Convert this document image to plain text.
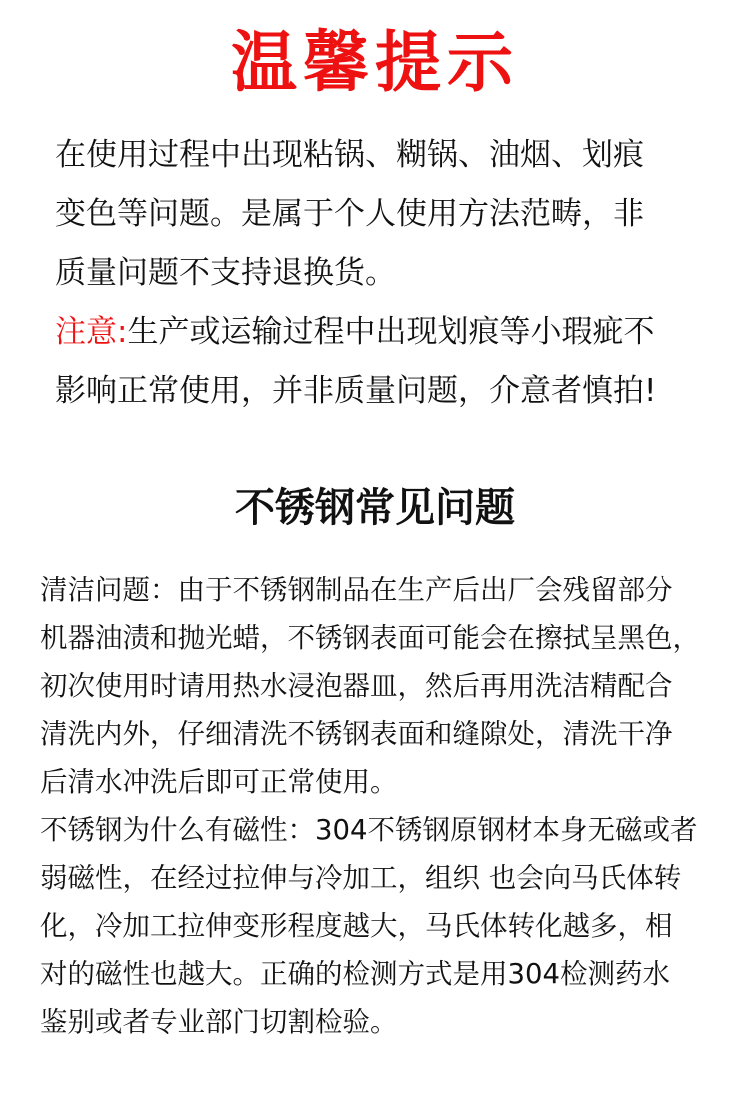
温馨提示
在使用过程中出现粘锅、糊锅、油烟、划痕
变色等问题。是属于个人使用方法范畴，非
质量问题不支持退换货。
注意:生产或运输过程中出现划痕等小瑕疵不
影响正常使用，并非质量问题，介意者慎拍!
不锈钢常见问题
清洁问题：由于不锈钢制品在生产后出厂会残留部分
机器油渍和抛光蜡，不锈钢表面可能会在擦拭呈黑色，
初次使用时请用热水浸泡器皿，然后再用洗洁精配合
清洗内外，仔细清洗不锈钢表面和缝隙处，清洗干净
后清水冲洗后即可正常使用。
不锈钢为什么有磁性：304不锈钢原钢材本身无磁或者
弱磁性，在经过拉伸与冷加工，组织 也会向马氏体转
化，冷加工拉伸变形程度越大，马氏体转化越多，相
对的磁性也越大。正确的检测方式是用304检测药水
鉴别或者专业部门切割检验。
